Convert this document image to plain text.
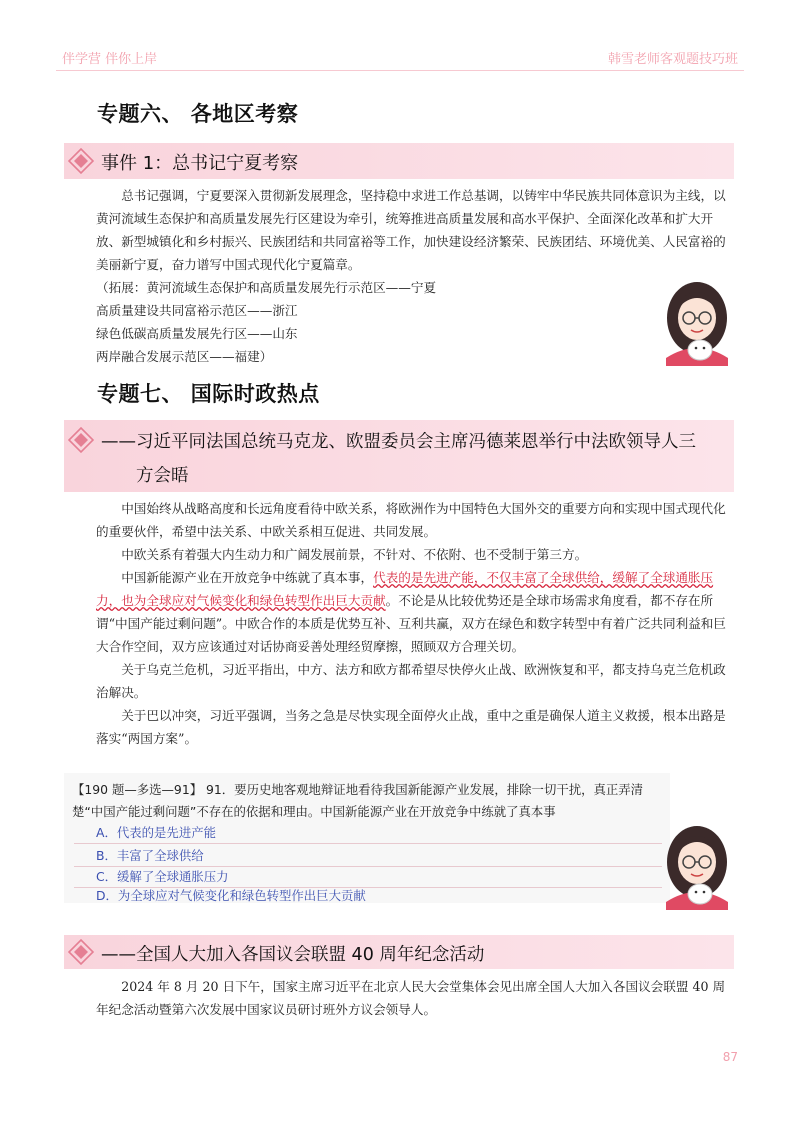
伴学营 伴你上岸	韩雪老师客观题技巧班
专题六、 各地区考察
事件 1：总书记宁夏考察

总书记强调，宁夏要深入贯彻新发展理念，坚持稳中求进工作总基调，以铸牢中华民族共同体意识为主线，以黄河流域生态保护和高质量发展先行区建设为牵引，统筹推进高质量发展和高水平保护、全面深化改革和扩大开放、新型城镇化和乡村振兴、民族团结和共同富裕等工作，加快建设经济繁荣、民族团结、环境优美、人民富裕的美丽新宁夏，奋力谱写中国式现代化宁夏篇章。

（拓展：黄河流域生态保护和高质量发展先行示范区——宁夏

高质量建设共同富裕示范区——浙江

绿色低碳高质量发展先行区——山东

两岸融合发展示范区——福建）

专题七、 国际时政热点
——习近平同法国总统马克龙、欧盟委员会主席冯德莱恩举行中法欧领导人三
方会晤

中国始终从战略高度和长远角度看待中欧关系，将欧洲作为中国特色大国外交的重要方向和实现中国式现代化的重要伙伴，希望中法关系、中欧关系相互促进、共同发展。

中欧关系有着强大内生动力和广阔发展前景，不针对、不依附、也不受制于第三方。

中国新能源产业在开放竞争中练就了真本事，代表的是先进产能，不仅丰富了全球供给，缓解了全球通胀压力，也为全球应对气候变化和绿色转型作出巨大贡献。不论是从比较优势还是全球市场需求角度看，都不存在所谓“中国产能过剩问题”。中欧合作的本质是优势互补、互利共赢，双方在绿色和数字转型中有着广泛共同利益和巨大合作空间，双方应该通过对话协商妥善处理经贸摩擦，照顾双方合理关切。

关于乌克兰危机，习近平指出，中方、法方和欧方都希望尽快停火止战、欧洲恢复和平，都支持乌克兰危机政治解决。

关于巴以冲突，习近平强调，当务之急是尽快实现全面停火止战，重中之重是确保人道主义救援，根本出路是落实“两国方案”。

【190 题—多选—91】 91．要历史地客观地辩证地看待我国新能源产业发展，排除一切干扰，真正弄清楚“中国产能过剩问题”不存在的依据和理由。中国新能源产业在开放竞争中练就了真本事
A．代表的是先进产能
B．丰富了全球供给
C．缓解了全球通胀压力
D．为全球应对气候变化和绿色转型作出巨大贡献
——全国人大加入各国议会联盟 40 周年纪念活动

2024 年 8 月 20 日下午，国家主席习近平在北京人民大会堂集体会见出席全国人大加入各国议会联盟 40 周年纪念活动暨第六次发展中国家议员研讨班外方议会领导人。

87
